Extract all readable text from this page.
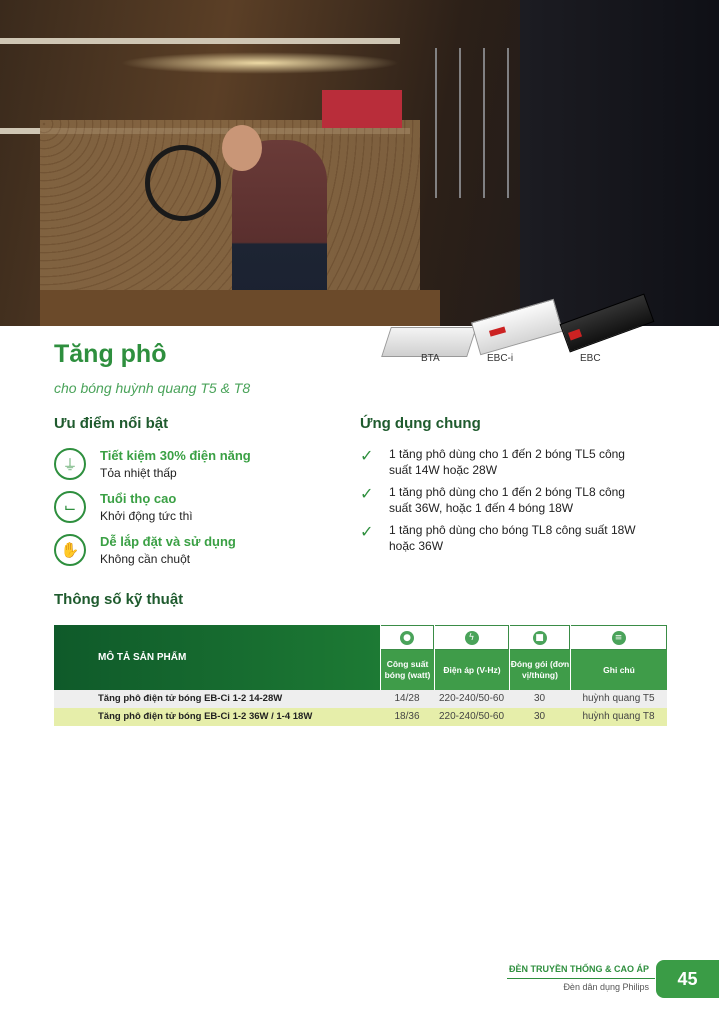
BTA	EBC-i	EBC
Tăng phô
cho bóng huỳnh quang T5 & T8
Ưu điểm nổi bật
⏚	Tiết kiệm 30% điện năng
Tỏa nhiệt thấp
⌙	Tuổi thọ cao
Khởi động tức thì
✋	Dễ lắp đặt và sử dụng
Không cần chuột
Ứng dụng chung
✓ 1 tăng phô dùng cho 1 đến 2 bóng TL5 công suất 14W hoặc 28W
✓ 1 tăng phô dùng cho 1 đến 2 bóng TL8 công suất 36W, hoặc 1 đến 4 bóng 18W
✓ 1 tăng phô dùng cho bóng TL8 công suất 18W hoặc 36W
Thông số kỹ thuật
MÔ TẢ SẢN PHẨM
●
Công suất bóng (watt)
ϟ
Điện áp (V-Hz)
■
Đóng gói (đơn vị/thùng)
≡
Ghi chú
Tăng phô điện tử bóng EB-Ci 1-2 14-28W	14/28	220-240/50-60	30	huỳnh quang T5
Tăng phô điện tử bóng EB-Ci 1-2 36W / 1-4 18W	18/36	220-240/50-60	30	huỳnh quang T8
ĐÈN TRUYỀN THỐNG & CAO ÁP
Đèn dân dụng Philips	45
